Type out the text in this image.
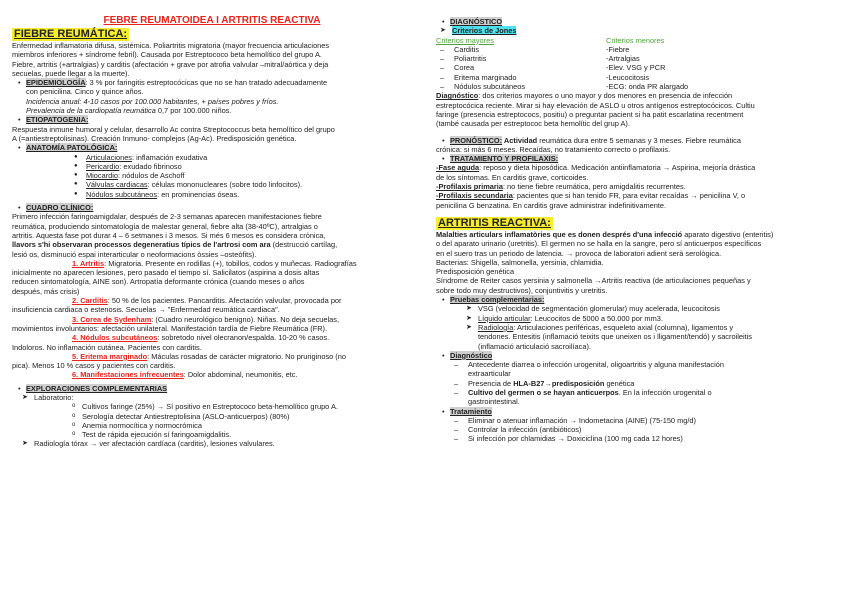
FEBRE REUMATOIDEA I ARTRITIS REACTIVA
FIEBRE REUMÁTICA:

Enfermedad inflamatoria difusa, sistémica. Poliartritis migratoria (mayor frecuencia articulaciones

miembros inferiores + síndrome febril). Causada por Estreptococo beta hemolítico del grupo A.

Fiebre, artritis (+artralgias) y carditis (afectación + grave por atrofia valvular –mitral/aórtica y deja

secuelas, puede llegar a la muerte).

• EPIDEMIOLOGÍA: 3 % por faringitis estreptocócicas que no se han tratado adecuadamente

con penicilina. Cinco y quince años.

Incidencia anual: 4-10 casos por 100.000 habitantes, + países pobres y fríos.

Prevalencia de la cardiopatía reumática 0,7 por 100.000 niños.

• ETIOPATOGENIA:

Respuesta inmune humoral y celular, desarrollo Ac contra Streptococcus beta hemolítico del grupo

A (=antiestreptolisinas). Creación Inmuno- complejos (Ag-Ac). Predisposición genética.

• ANATOMÍA PATOLÓGICA:

● Articulaciones: inflamación exudativa

● Pericardio: exudado fibrinoso

● Miocardio: nódulos de Aschoff

● Válvulas cardiacas: células mononucleares (sobre todo linfocitos).

● Nódulos subcutáneos: en prominencias óseas.

• CUADRO CLÍNICO:

Primero infección faringoamigdalar, después de 2-3 semanas aparecen manifestaciones fiebre

reumática, produciendo sintomatología de malestar general, fiebre alta (38-40ºC), artralgias o

artritis. Aquesta fase pot durar 4 – 6 setmanes i 3 mesos. Si més 6 mesos es considera crònica,

llavors s'hi observaran processos degeneratius típics de l'artrosi com ara (destrucció cartílag,

lesió os, disminució espai interarticular o neoformacions òssies –osteòfits).

1. Artritis: Migratoria. Presente en rodillas (+), tobillos, codos y muñecas. Radiografías

inicialmente no aparecen lesiones, pero pasado el tiempo sí. Salicilatos (aspirina a dosis altas

reducen sintomatología, AINE son). Artropatía deformante crónica (cuando meses o años

después, más crisis)

2. Carditis: 50 % de los pacientes. Pancarditis. Afectación valvular, provocada por

insuficiencia cardiaca o estenosis. Secuelas → "Enfermedad reumática cardiaca".

3. Corea de Sydenham: (Cuadro neurológico benigno). Niñas. No deja secuelas,

movimientos involuntarios: afectación unilateral. Manifestación tardía de Fiebre Reumática (FR).

4. Nódulos subcutáneos: sobretodo nivel olecranon/espalda. 10-20 % casos.

Indoloros. No inflamación cutánea. Pacientes con carditis.

5. Eritema marginado: Máculas rosadas de carácter migratorio. No pruriginoso (no

pica). Menos 10 % casos y pacientes con carditis.

6. Manifestaciones infrecuentes: Dolor abdominal, neumonitis, etc.

• EXPLORACIONES COMPLEMENTARIAS

➤ Laboratorio:

o Cultivos faringe (25%) → Sí positivo en Estreptococo beta-hemolítico grupo A.

o Serología detectar Antiestreptolisina (ASLO-anticuerpos) (80%)

o Anemia normocítica y normocrómica

o Test de rápida ejecución sí faringoamigdalitis.

➤ Radiología tórax → ver afectación cardíaca (carditis), lesiones valvulares.

• DIAGNÓSTICO

➤ Criterios de Jones

Criterios mayores	Criterios menores
– Carditis	-Fiebre
– Poliartritis	-Artralgias
– Corea	-Elev. VSG y PCR
– Eritema marginado	-Leucocitosis
– Nódulos subcutáneos	-ECG: onda PR alargado

Diagnóstico: dos criterios mayores o uno mayor y dos menores en presencia de infección

estreptocócica reciente. Mirar si hay elevación de ASLO u otros antígenos estreptocócicos. Cultiu

faringe (presencia estreptococs, positiu) o preguntar pacient si ha patit escarlatina recentment

(també causada per estreptococ beta hemolític del grup A).

• PRONÓSTICO: Actividad reumática dura entre 5 semanas y 3 meses. Fiebre reumática

crónica: si más 6 meses. Recaídas, no tratamiento correcto o profilaxis.

• TRATAMIENTO Y PROFILAXIS:

-Fase aguda: reposo y dieta hiposódica. Medicación antiinflamatoria → Aspirina, mejoría drástica

de los síntomas. En carditis grave, corticoides.

-Profilaxis primaria: no tiene fiebre reumática, pero amigdalitis recurrentes.

-Profilaxis secundaria: pacientes que si han tenido FR, para evitar recaídas → penicilina V, o

penicilina G benzatina. En carditis grave administrar indefinitivamente.

ARTRITIS REACTIVA:

Malalties articulars inflamatòries que es donen després d'una infecció aparato digestivo (enteritis)

o del aparato urinario (uretritis). El germen no se halla en la sangre, pero sí anticuerpos específicos

en el suero tras un periodo de latencia. → provoca de laboratori adient serà serològica.

Bacterias: Shigella, salmonella, yersinia, chlamidia.

Predisposición genética

Síndrome de Reiter casos yersinia y salmonella →Artritis reactiva (de articulaciones pequeñas y

sobre todo muy destructivos), conjuntivitis y uretritis.

• Pruebas complementarias:

➤ VSG (velocidad de segmentación glomerular) muy acelerada, leucocitosis

➤ Líquido articular: Leucocitos de 5000 a 50.000 por mm3.

➤ Radiología: Articulaciones periféricas, esqueleto axial (columna), ligamentos y

tendones. Entesitis (inflamació teixits que uneixen os i lligament/tendó) y sacroileitis

(inflamació articulació sacroilíaca).

• Diagnóstico

– Antecedente diarrea o infección urogenital, oligoartritis y alguna manifestación

extraarticular

– Presencia de HLA-B27→predisposición genética

– Cultivo del germen o se hayan anticuerpos. En la infección urogenital o

gastrointestinal.

• Tratamiento

– Eliminar o atenuar inflamación → Indometacina (AINE) (75-150 mg/d)

– Controlar la infección (antibióticos)

– Si infección por chlamidias → Doxiciclina (100 mg cada 12 hores)
